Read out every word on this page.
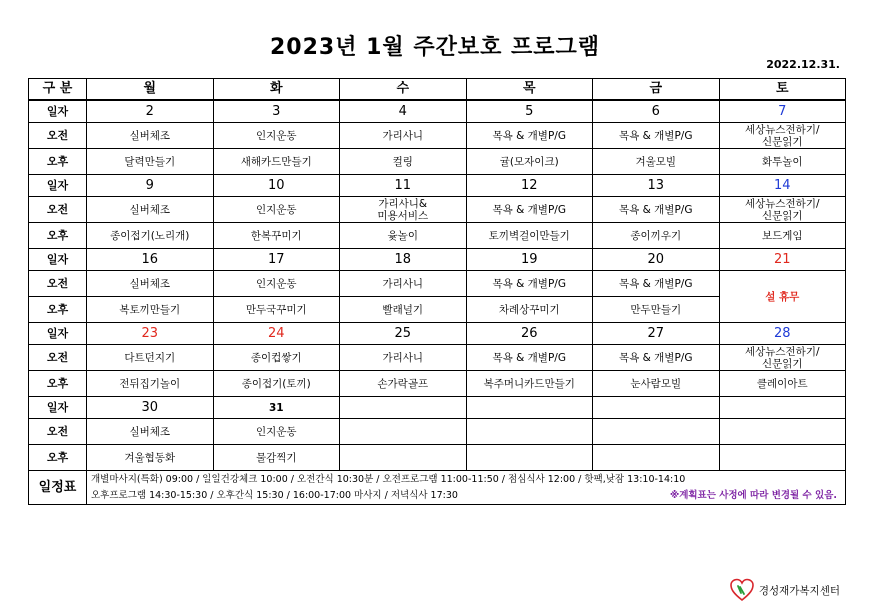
2023년 1월 주간보호 프로그램
2022.12.31.
구 분	월	화	수	목	금	토
일자	2	3	4	5	6	7
오전	실버체조	인지운동	가리사니	목욕 & 개별P/G	목욕 & 개별P/G	세상뉴스전하기/
신문읽기
오후	달력만들기	새해카드만들기	컬링	귤(모자이크)	겨울모빌	화투놀이
일자	9	10	11	12	13	14
오전	실버체조	인지운동	가리사니&
미용서비스	목욕 & 개별P/G	목욕 & 개별P/G	세상뉴스전하기/
신문읽기
오후	종이접기(노리개)	한복꾸미기	윷놀이	토끼벽걸이만들기	종이끼우기	보드게임
일자	16	17	18	19	20	21
오전	실버체조	인지운동	가리사니	목욕 & 개별P/G	목욕 & 개별P/G	설 휴무
오후	복토끼만들기	만두국꾸미기	빨래널기	차례상꾸미기	만두만들기	
일자	23	24	25	26	27	28
오전	다트던지기	종이컵쌓기	가리사니	목욕 & 개별P/G	목욕 & 개별P/G	세상뉴스전하기/
신문읽기
오후	전뒤집기놀이	종이접기(토끼)	손가락골프	복주머니카드만들기	눈사람모빌	클레이아트
일자	30	31				
오전	실버체조	인지운동				
오후	겨울협동화	물감찍기				
일정표	개별마사지(특화) 09:00 / 일일건강체크 10:00 / 오전간식 10:30분 / 오전프로그램 11:00-11:50 / 점심식사 12:00 / 핫팩,낮잠 13:10-14:10
오후프로그램 14:30-15:30 / 오후간식 15:30 / 16:00-17:00 마사지 / 저녁식사 17:30 ※계획표는 사정에 따라 변경될 수 있음.					
경성재가복지센터
